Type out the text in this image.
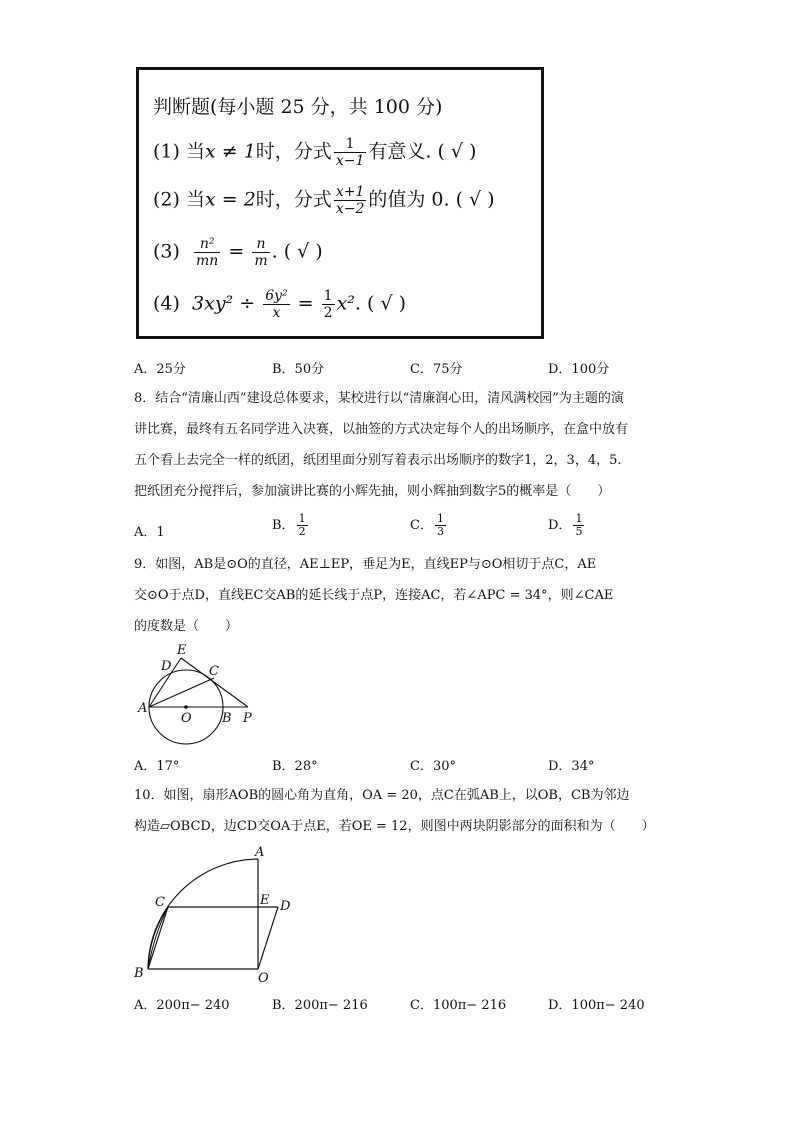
判断题(每小题 25 分，共 100 分)
(1) 当x ≠ 1时，分式 $\frac{1}{x-1}$ 有意义. ( √ )
(2) 当x = 2时，分式 $\frac{x+1}{x-2}$ 的值为 0. ( √ )
$(3) \frac{\text{n²}}{mn} = \frac{n}{m}$ . ( √ )
(4) $3xy^2 \div \frac{\text{6y²}}{x} = \frac{1}{2} x^2$. ( √ )
A．25分	B．50分	C．75分	D．100分
8．结合“清廉山西”建设总体要求，某校进行以“清廉润心田，清风满校园”为主题的演
讲比赛，最终有五名同学进入决赛，以抽签的方式决定每个人的出场顺序，在盒中放有
五个看上去完全一样的纸团，纸团里面分别写着表示出场顺序的数字1，2，3，4，5.
把纸团充分搅拌后，参加演讲比赛的小辉先抽，则小辉抽到数字5的概率是（　　）
A．1	B． $\frac{1}{2}$	C． $\frac{1}{3}$	D． $\frac{1}{5}$
9．如图，AB是⊙O的直径，AE⊥EP，垂足为E，直线EP与⊙O相切于点C，AE
交⊙O于点D，直线EC交AB的延长线于点P，连接AC，若∠APC = 34°，则∠CAE
的度数是（　　）
A
B
C
D
E
O	P
A．17°	B．28°	C．30°	D．34°
10．如图，扇形AOB的圆心角为直角，OA = 20，点C在弧AB上，以OB，CB为邻边
构造▱OBCD，边CD交OA于点E，若OE = 12，则图中两块阴影部分的面积和为（　　）
A
B
C	D
E
O
A．200π− 240	B．200π− 216	C．100π− 216	D．100π− 240
